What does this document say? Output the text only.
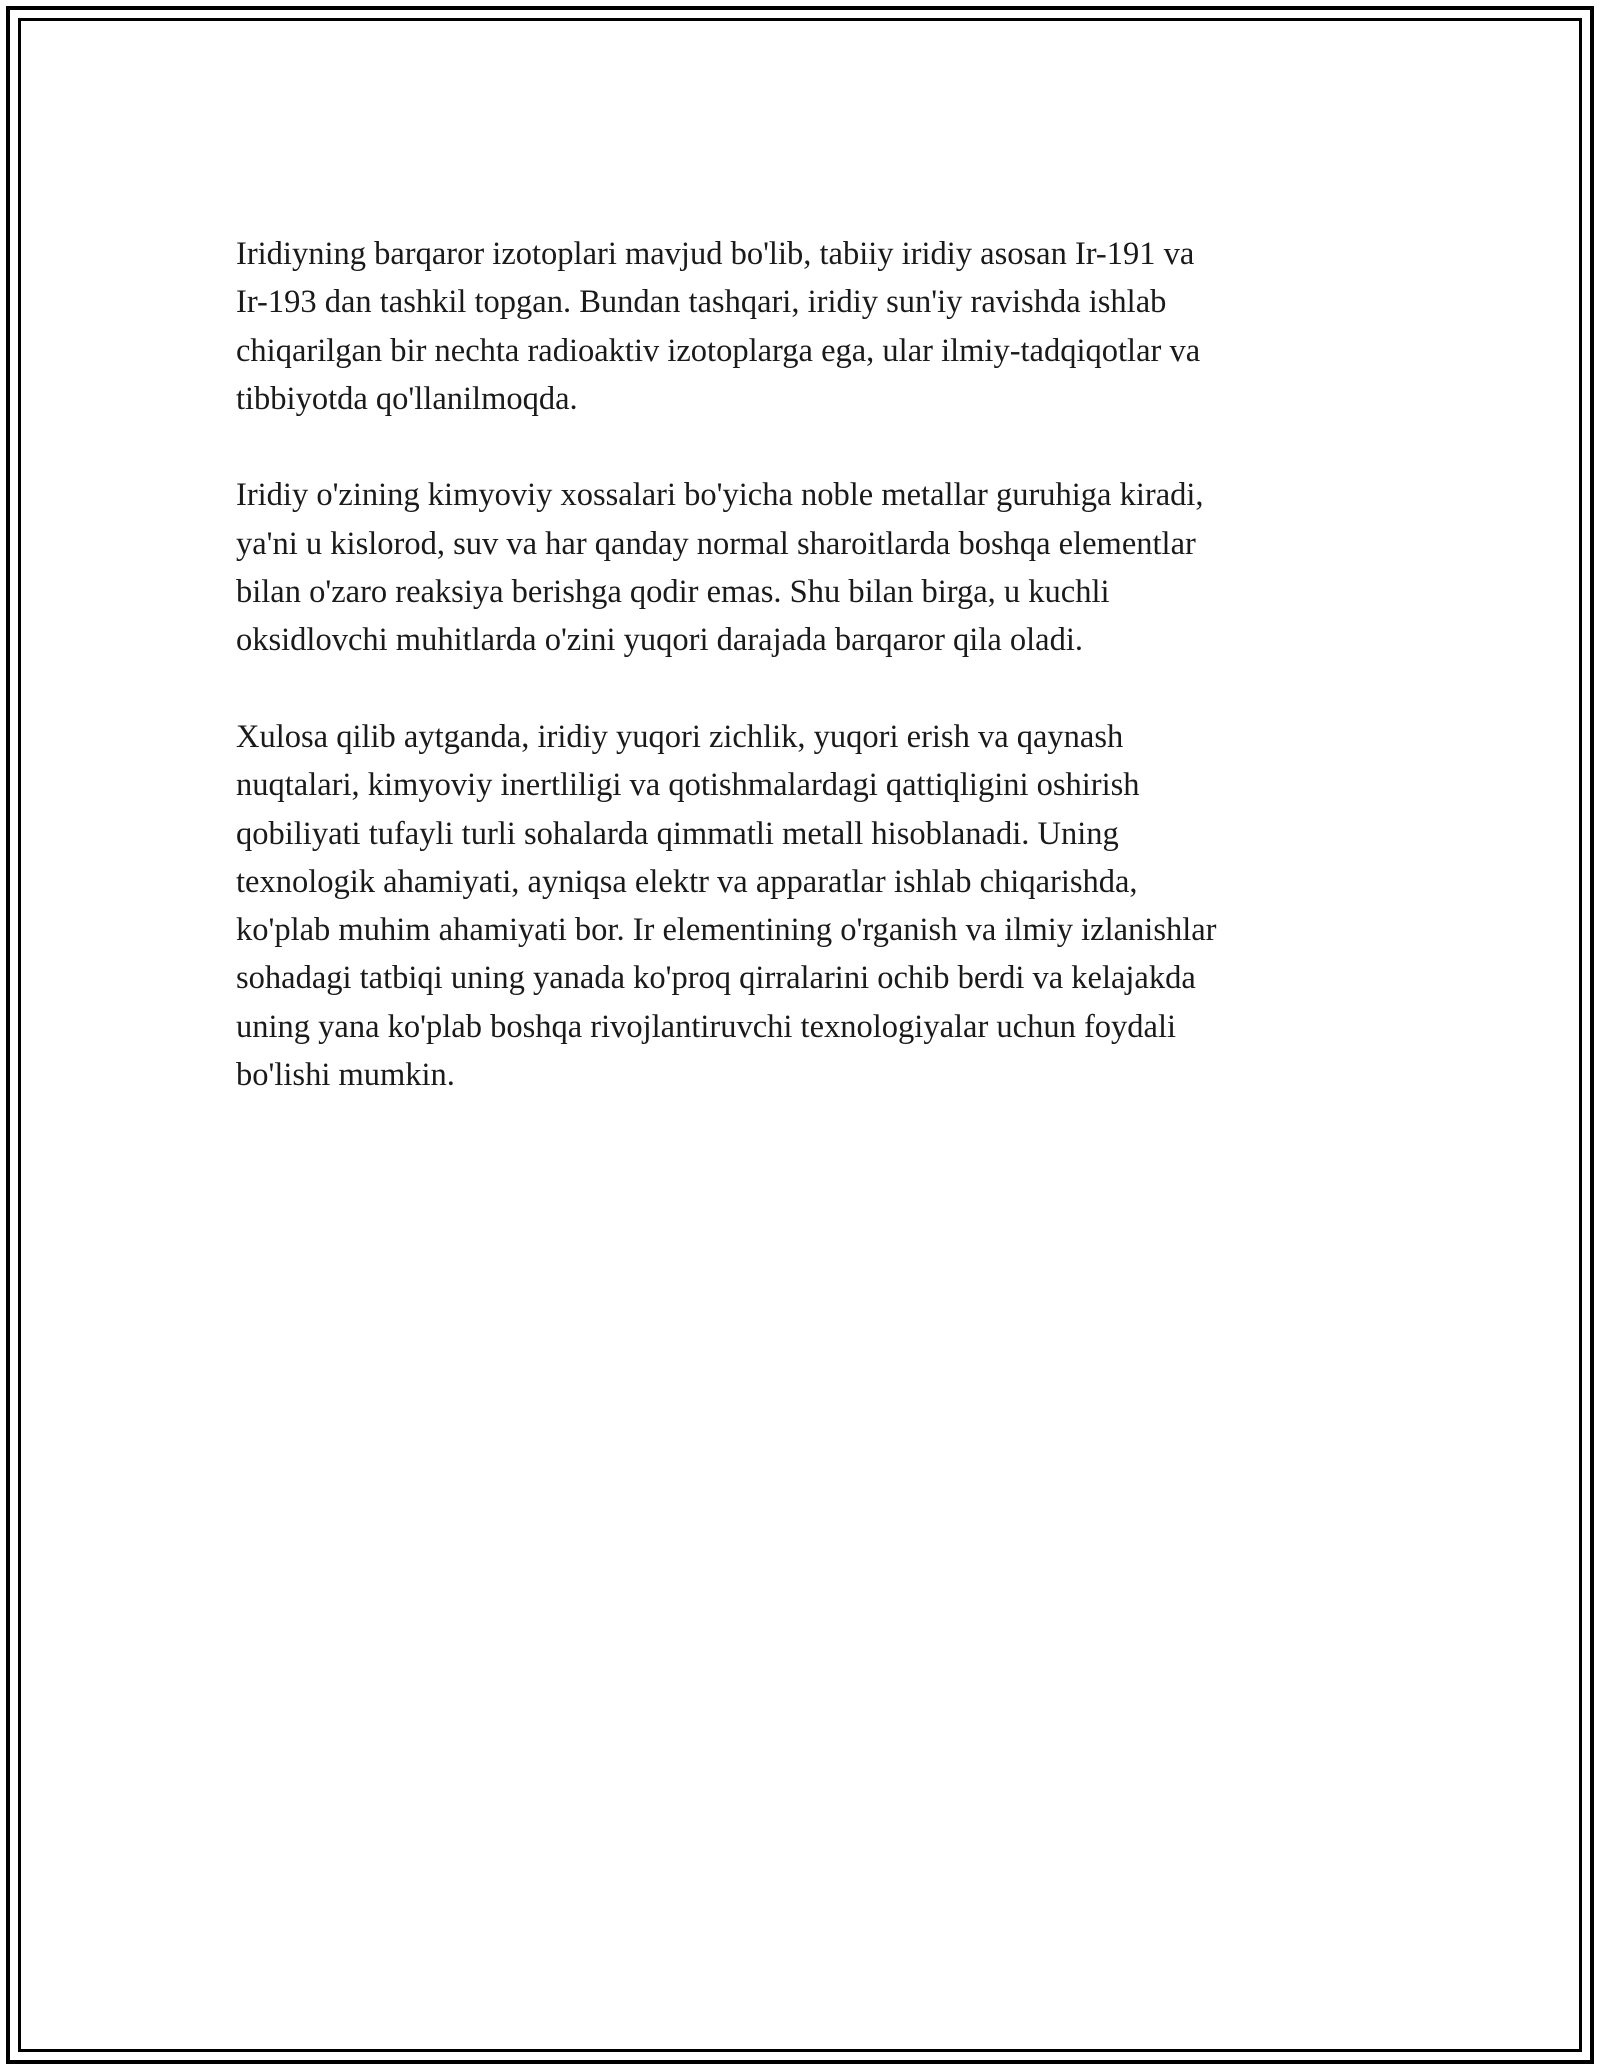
Iridiyning barqaror izotoplari mavjud bo'lib, tabiiy iridiy asosan Ir-191 va
Ir-193 dan tashkil topgan. Bundan tashqari, iridiy sun'iy ravishda ishlab
chiqarilgan bir nechta radioaktiv izotoplarga ega, ular ilmiy-tadqiqotlar va
tibbiyotda qo'llanilmoqda.

Iridiy o'zining kimyoviy xossalari bo'yicha noble metallar guruhiga kiradi,
ya'ni u kislorod, suv va har qanday normal sharoitlarda boshqa elementlar
bilan o'zaro reaksiya berishga qodir emas. Shu bilan birga, u kuchli
oksidlovchi muhitlarda o'zini yuqori darajada barqaror qila oladi.

Xulosa qilib aytganda, iridiy yuqori zichlik, yuqori erish va qaynash
nuqtalari, kimyoviy inertliligi va qotishmalardagi qattiqligini oshirish
qobiliyati tufayli turli sohalarda qimmatli metall hisoblanadi. Uning
texnologik ahamiyati, ayniqsa elektr va apparatlar ishlab chiqarishda,
ko'plab muhim ahamiyati bor. Ir elementining o'rganish va ilmiy izlanishlar
sohadagi tatbiqi uning yanada ko'proq qirralarini ochib berdi va kelajakda
uning yana ko'plab boshqa rivojlantiruvchi texnologiyalar uchun foydali
bo'lishi mumkin.
